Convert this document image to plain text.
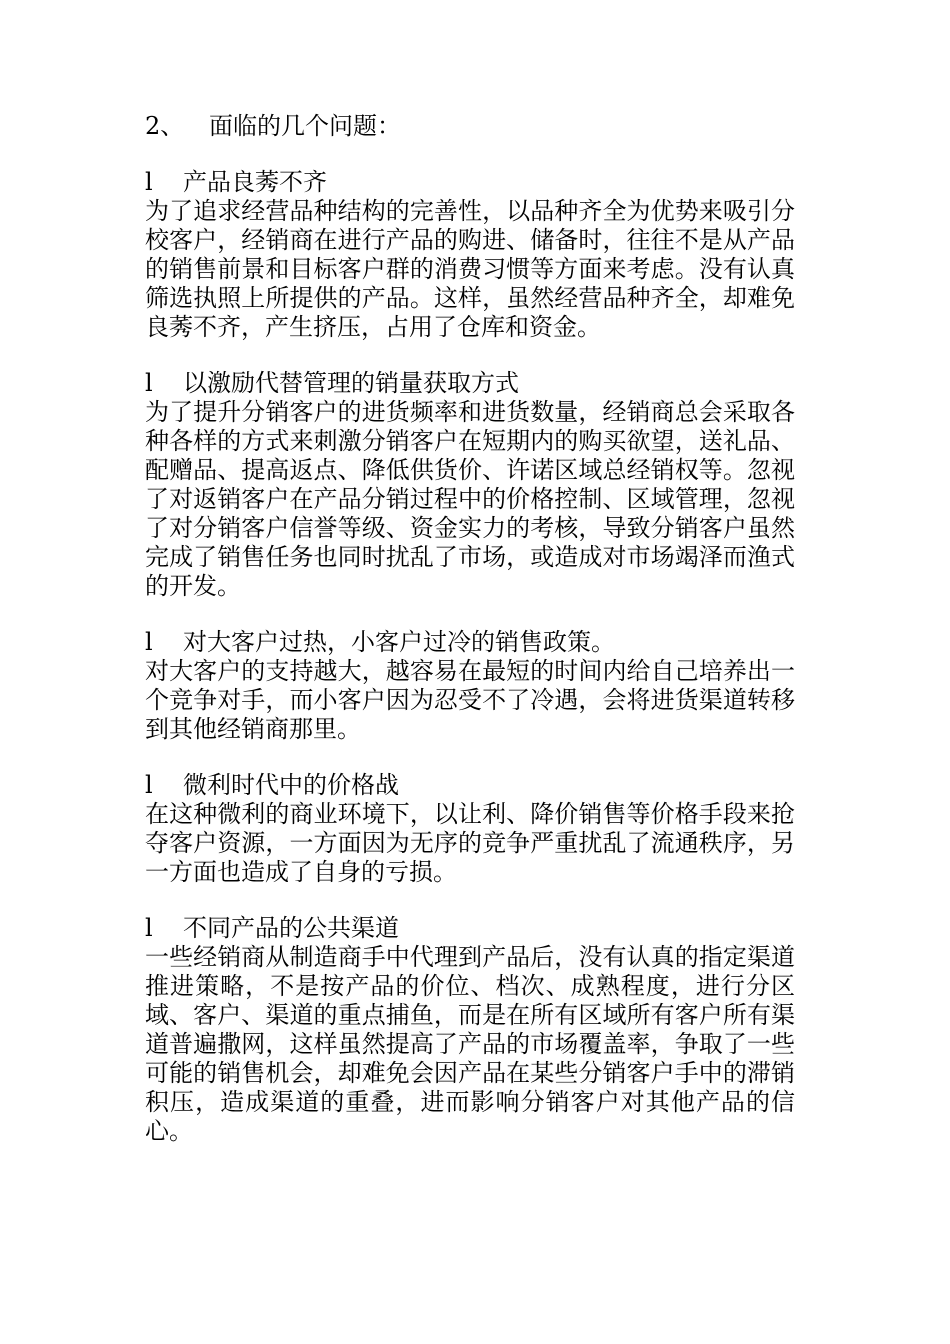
2、 面临的几个问题：
l 产品良莠不齐
为了追求经营品种结构的完善性，以品种齐全为优势来吸引分校客户，经销商在进行产品的购进、储备时，往往不是从产品的销售前景和目标客户群的消费习惯等方面来考虑。没有认真筛选执照上所提供的产品。这样，虽然经营品种齐全，却难免良莠不齐，产生挤压，占用了仓库和资金。
l 以激励代替管理的销量获取方式
为了提升分销客户的进货频率和进货数量，经销商总会采取各种各样的方式来刺激分销客户在短期内的购买欲望，送礼品、配赠品、提高返点、降低供货价、许诺区域总经销权等。忽视了对返销客户在产品分销过程中的价格控制、区域管理，忽视了对分销客户信誉等级、资金实力的考核，导致分销客户虽然完成了销售任务也同时扰乱了市场，或造成对市场竭泽而渔式的开发。
l 对大客户过热，小客户过冷的销售政策。
对大客户的支持越大，越容易在最短的时间内给自己培养出一个竞争对手，而小客户因为忍受不了冷遇，会将进货渠道转移到其他经销商那里。
l 微利时代中的价格战
在这种微利的商业环境下，以让利、降价销售等价格手段来抢夺客户资源，一方面因为无序的竞争严重扰乱了流通秩序，另一方面也造成了自身的亏损。
l 不同产品的公共渠道
一些经销商从制造商手中代理到产品后，没有认真的指定渠道推进策略，不是按产品的价位、档次、成熟程度，进行分区域、客户、渠道的重点捕鱼，而是在所有区域所有客户所有渠道普遍撒网，这样虽然提高了产品的市场覆盖率，争取了一些可能的销售机会，却难免会因产品在某些分销客户手中的滞销积压，造成渠道的重叠，进而影响分销客户对其他产品的信心。
